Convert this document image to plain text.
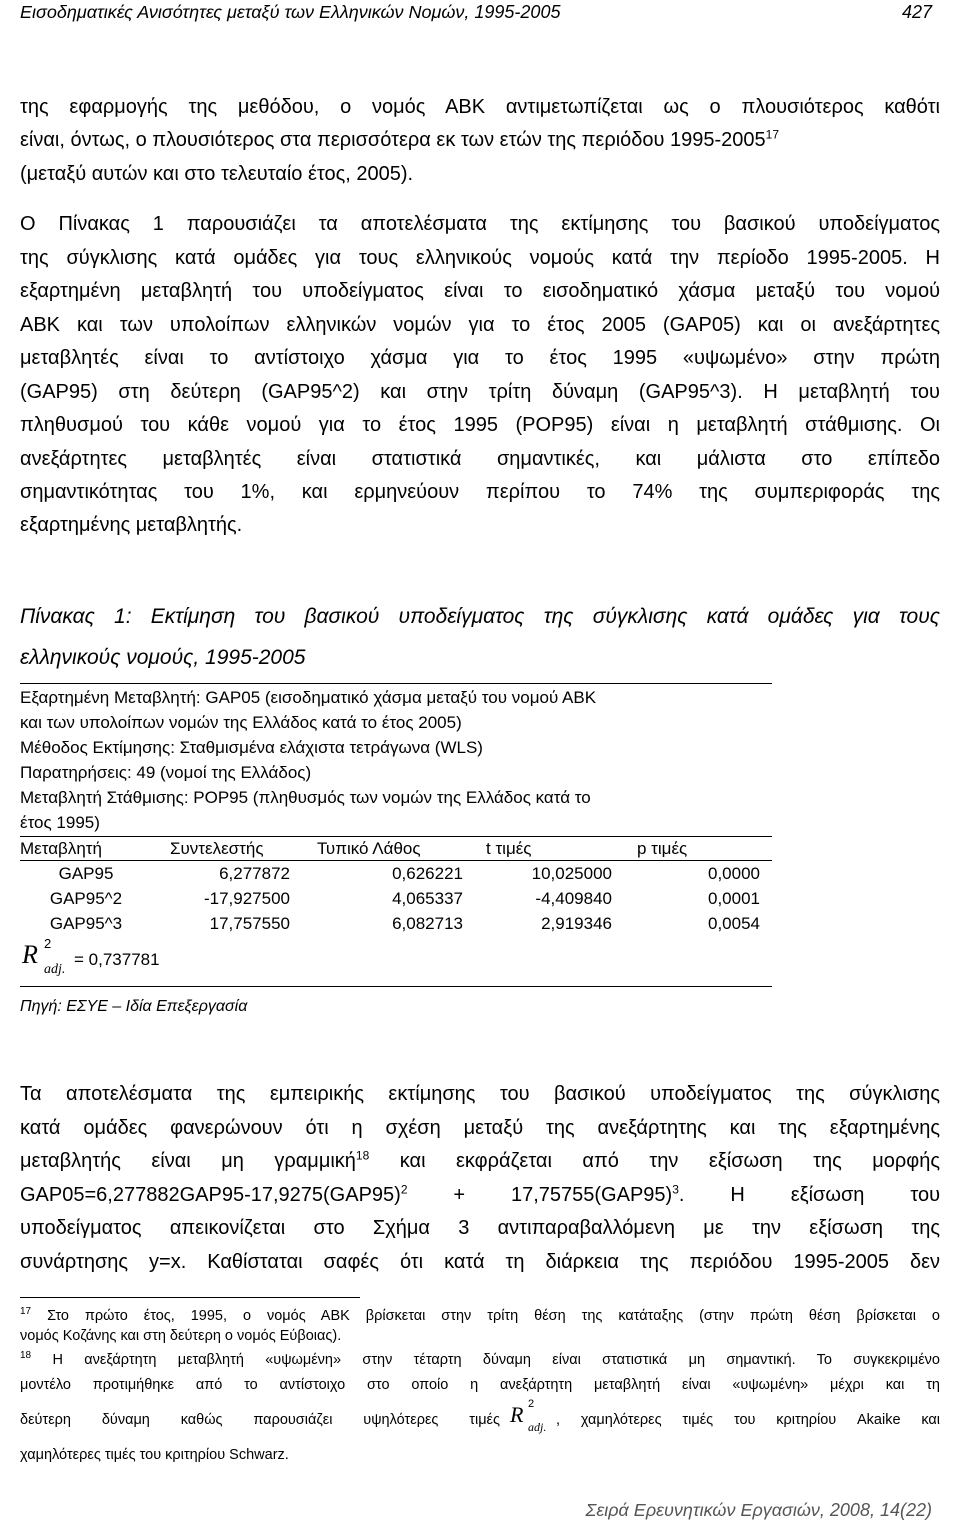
Εισοδηματικές Ανισότητες μεταξύ των Ελληνικών Νομών, 1995-2005	427
της εφαρμογής της μεθόδου, ο νομός ΑΒΚ αντιμετωπίζεται ως ο πλουσιότερος καθότι
είναι, όντως, ο πλουσιότερος στα περισσότερα εκ των ετών της περιόδου 1995-2005$^{17}$
(μεταξύ αυτών και στο τελευταίο έτος, 2005).
Ο Πίνακας 1 παρουσιάζει τα αποτελέσματα της εκτίμησης του βασικού υποδείγματος
της σύγκλισης κατά ομάδες για τους ελληνικούς νομούς κατά την περίοδο 1995-2005. Η
εξαρτημένη μεταβλητή του υποδείγματος είναι το εισοδηματικό χάσμα μεταξύ του νομού
ΑΒΚ και των υπολοίπων ελληνικών νομών για το έτος 2005 (GAP05) και οι ανεξάρτητες
μεταβλητές είναι το αντίστοιχο χάσμα για το έτος 1995 «υψωμένο» στην πρώτη
(GAP95) στη δεύτερη (GAP95^2) και στην τρίτη δύναμη (GAP95^3). Η μεταβλητή του
πληθυσμού του κάθε νομού για το έτος 1995 (POP95) είναι η μεταβλητή στάθμισης. Οι
ανεξάρτητες μεταβλητές είναι στατιστικά σημαντικές, και μάλιστα στο επίπεδο
σημαντικότητας του 1%, και ερμηνεύουν περίπου το 74% της συμπεριφοράς της
εξαρτημένης μεταβλητής.
Πίνακας 1: Εκτίμηση του βασικού υποδείγματος της σύγκλισης κατά ομάδες για τους
ελληνικούς νομούς, 1995-2005
Εξαρτημένη Μεταβλητή: GAP05 (εισοδηματικό χάσμα μεταξύ του νομού ΑΒΚ
και των υπολοίπων νομών της Ελλάδος κατά το έτος 2005)
Μέθοδος Εκτίμησης: Σταθμισμένα ελάχιστα τετράγωνα (WLS)
Παρατηρήσεις: 49 (νομοί της Ελλάδος)
Μεταβλητή Στάθμισης: POP95 (πληθυσμός των νομών της Ελλάδος κατά το
έτος 1995)
Μεταβλητή	Συντελεστής	Τυπικό Λάθος	t τιμές	p τιμές
GAP95	6,277872	0,626221	10,025000	0,0000
GAP95^2	-17,927500	4,065337	-4,409840	0,0001
GAP95^3	17,757550	6,082713	2,919346	0,0054
R 2
adj.
= 0,737781
Πηγή: ΕΣΥΕ – Ιδία Επεξεργασία
Τα αποτελέσματα της εμπειρικής εκτίμησης του βασικού υποδείγματος της σύγκλισης
κατά ομάδες φανερώνουν ότι η σχέση μεταξύ της ανεξάρτητης και της εξαρτημένης
μεταβλητής είναι μη γραμμική$^{18}$ και εκφράζεται από την εξίσωση της μορφής
$GAP05=6,277882GAP95-17,9275(GAP95)^2 + 17,75755(GAP95)^3$. Η εξίσωση του
υποδείγματος απεικονίζεται στο Σχήμα 3 αντιπαραβαλλόμενη με την εξίσωση της
συνάρτησης y=x. Καθίσταται σαφές ότι κατά τη διάρκεια της περιόδου 1995-2005 δεν
$^{17}$ Στο πρώτο έτος, 1995, ο νομός ΑΒΚ βρίσκεται στην τρίτη θέση της κατάταξης (στην πρώτη θέση βρίσκεται ο
νομός Κοζάνης και στη δεύτερη ο νομός Εύβοιας).
$^{18}$ Η ανεξάρτητη μεταβλητή «υψωμένη» στην τέταρτη δύναμη είναι στατιστικά μη σημαντική. Το συγκεκριμένο
μοντέλο προτιμήθηκε από το αντίστοιχο στο οποίο η ανεξάρτητη μεταβλητή είναι «υψωμένη» μέχρι και τη
δεύτερη δύναμη καθώς παρουσιάζει υψηλότερες τιμές R 2
adj. , χαμηλότερες τιμές του κριτηρίου Akaike και
χαμηλότερες τιμές του κριτηρίου Schwarz.
Σειρά Ερευνητικών Εργασιών, 2008, 14(22)
